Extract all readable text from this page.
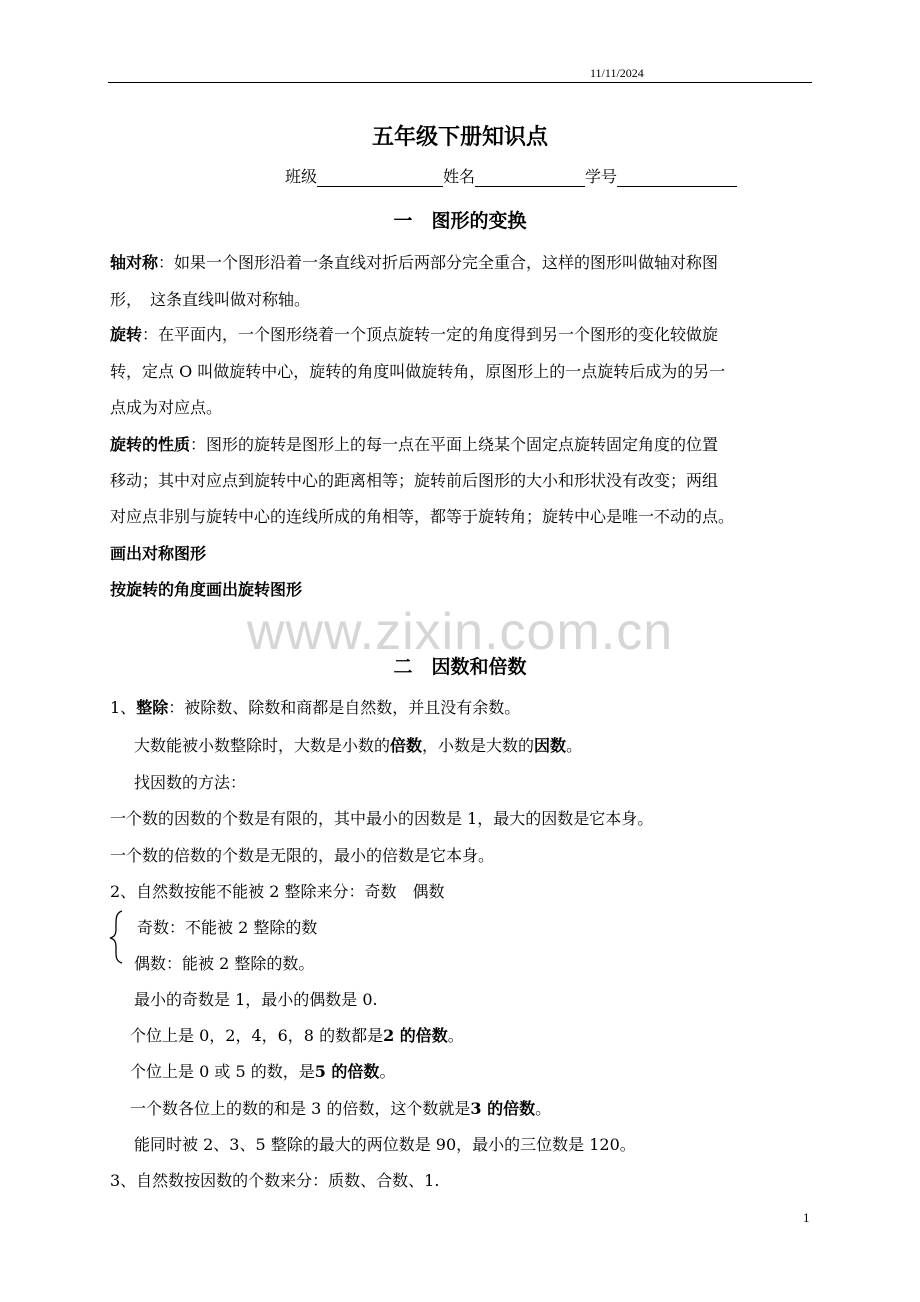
11/11/2024
五年级下册知识点
班级	姓名	学号
一　图形的变换
轴对称：如果一个图形沿着一条直线对折后两部分完全重合，这样的图形叫做轴对称图
形，　这条直线叫做对称轴。
旋转：在平面内，一个图形绕着一个顶点旋转一定的角度得到另一个图形的变化较做旋
转，定点 O 叫做旋转中心，旋转的角度叫做旋转角，原图形上的一点旋转后成为的另一
点成为对应点。
旋转的性质：图形的旋转是图形上的每一点在平面上绕某个固定点旋转固定角度的位置
移动；其中对应点到旋转中心的距离相等；旋转前后图形的大小和形状没有改变；两组
对应点非别与旋转中心的连线所成的角相等，都等于旋转角；旋转中心是唯一不动的点。
画出对称图形
按旋转的角度画出旋转图形
www.zixin.com.cn
二　因数和倍数
1、整除：被除数、除数和商都是自然数，并且没有余数。
大数能被小数整除时，大数是小数的倍数，小数是大数的因数。
找因数的方法：
一个数的因数的个数是有限的，其中最小的因数是 1，最大的因数是它本身。
一个数的倍数的个数是无限的，最小的倍数是它本身。
2、自然数按能不能被 2 整除来分：奇数　偶数
奇数：不能被 2 整除的数
偶数：能被 2 整除的数。
最小的奇数是 1，最小的偶数是 0.
个位上是 0，2，4，6，8 的数都是2 的倍数。
个位上是 0 或 5 的数，是5 的倍数。
一个数各位上的数的和是 3 的倍数，这个数就是3 的倍数。
能同时被 2、3、5 整除的最大的两位数是 90，最小的三位数是 120。
3、自然数按因数的个数来分：质数、合数、1.
1
